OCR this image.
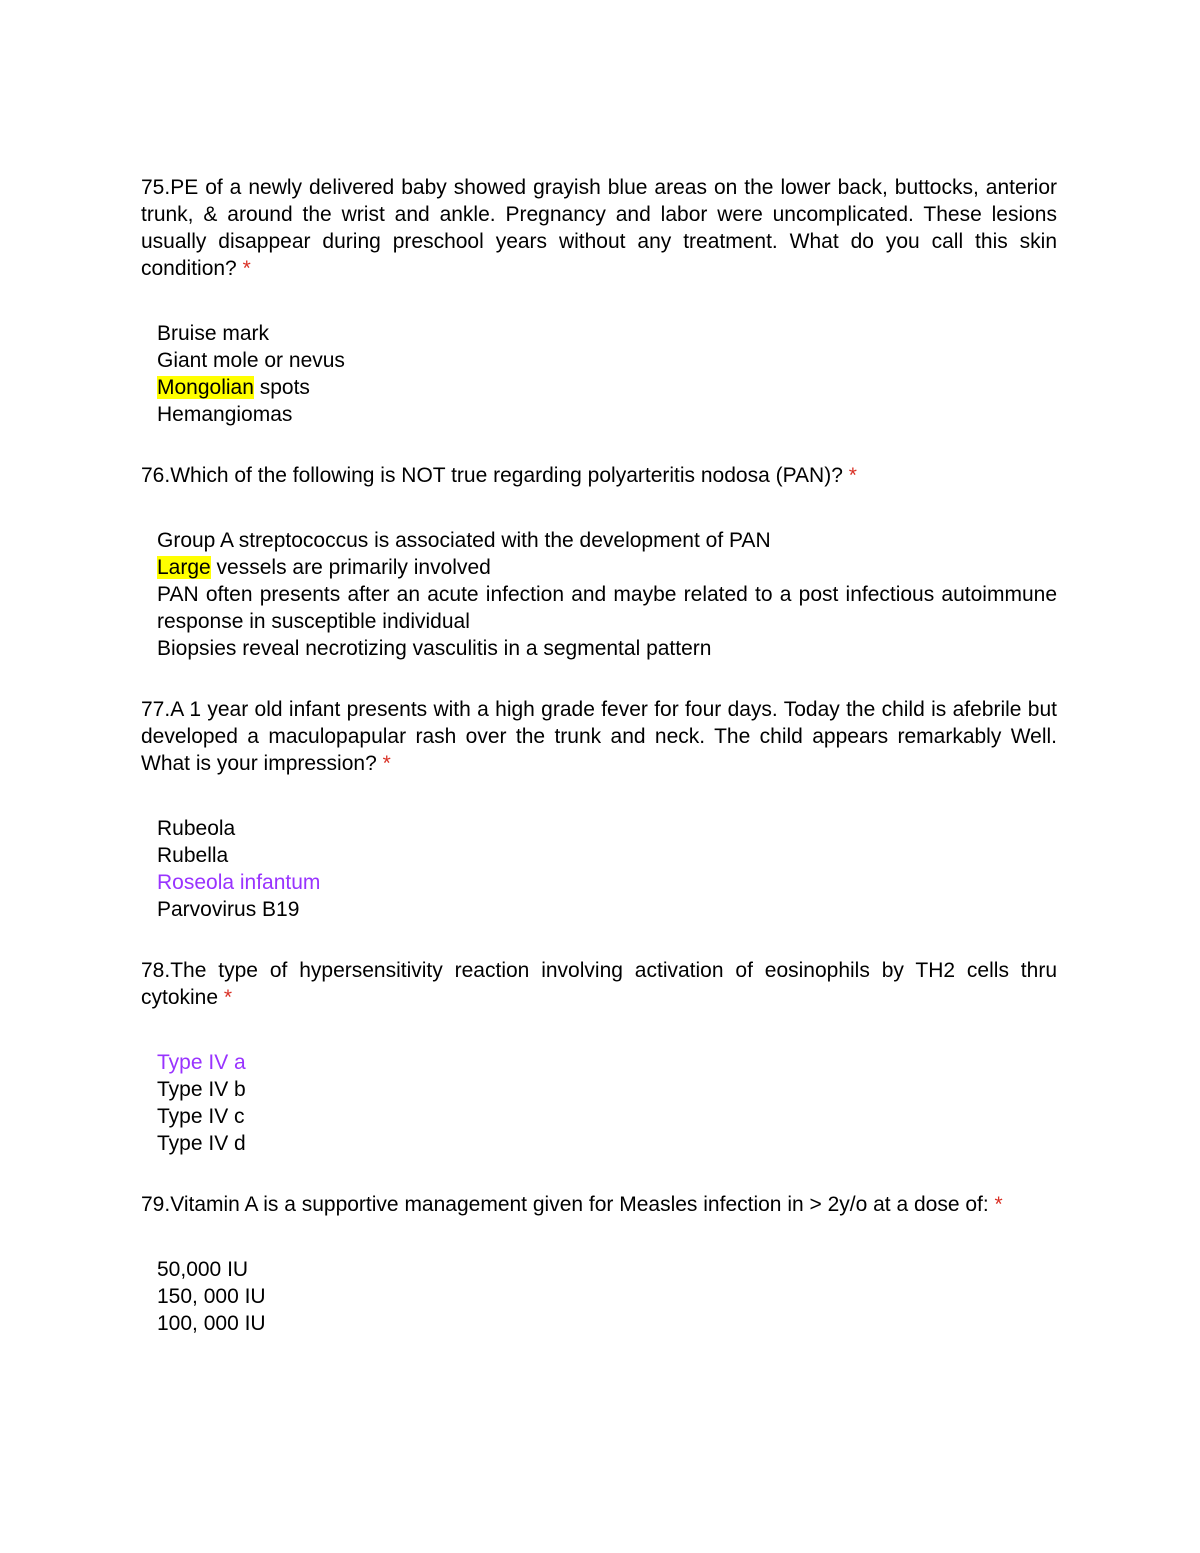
75.PE of a newly delivered baby showed grayish blue areas on the lower back, buttocks, anterior trunk, & around the wrist and ankle. Pregnancy and labor were uncomplicated. These lesions usually disappear during preschool years without any treatment. What do you call this skin condition? *

Bruise mark
Giant mole or nevus
Mongolian spots
Hemangiomas

76.Which of the following is NOT true regarding polyarteritis nodosa (PAN)? *

Group A streptococcus is associated with the development of PAN
Large vessels are primarily involved
PAN often presents after an acute infection and maybe related to a post infectious autoimmune response in susceptible individual
Biopsies reveal necrotizing vasculitis in a segmental pattern

77.A 1 year old infant presents with a high grade fever for four days. Today the child is afebrile but developed a maculopapular rash over the trunk and neck. The child appears remarkably Well. What is your impression? *

Rubeola
Rubella
Roseola infantum
Parvovirus B19

78.The type of hypersensitivity reaction involving activation of eosinophils by TH2 cells thru cytokine *

Type IV a
Type IV b
Type IV c
Type IV d

79.Vitamin A is a supportive management given for Measles infection in > 2y/o at a dose of: *

50,000 IU
150, 000 IU
100, 000 IU
